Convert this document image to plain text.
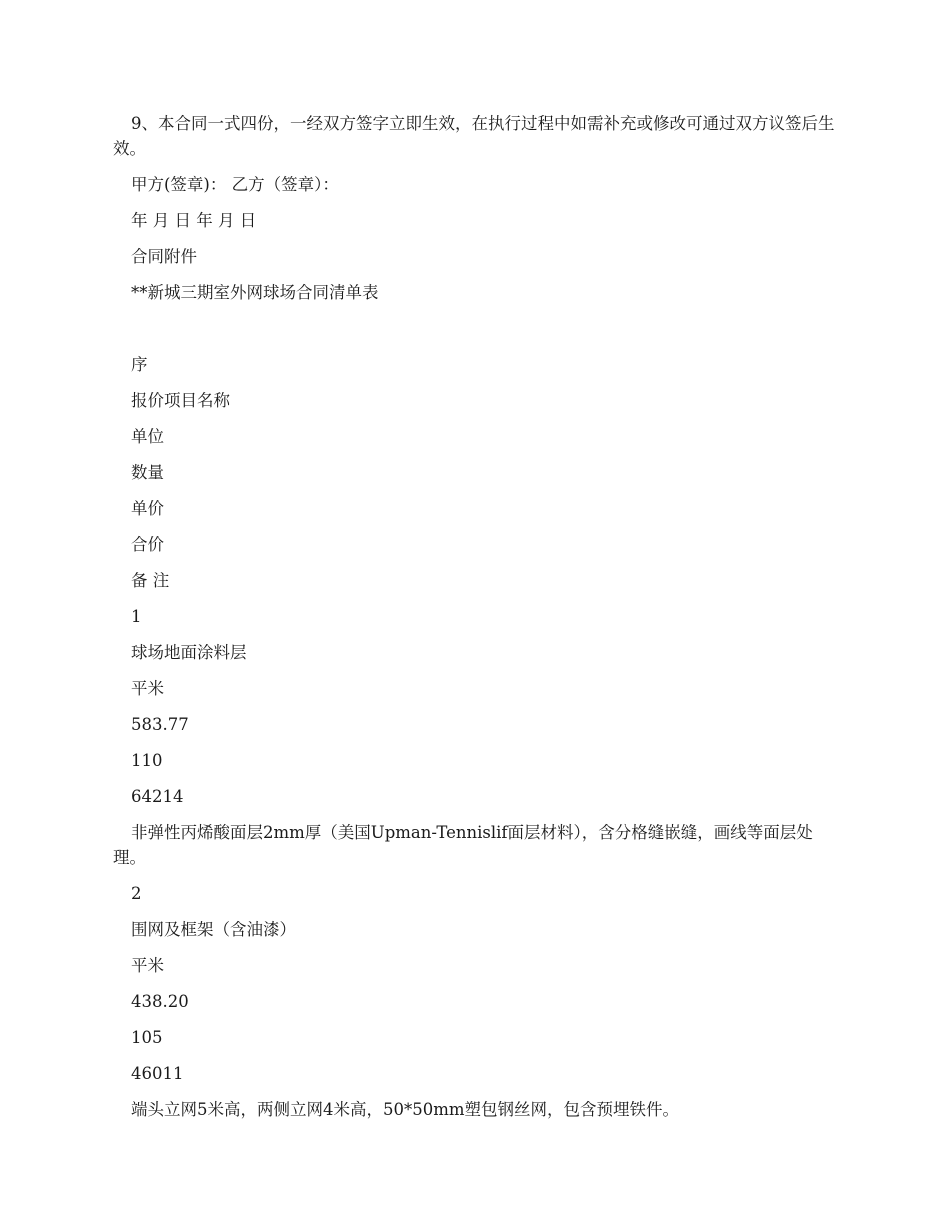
9、本合同一式四份，一经双方签字立即生效，在执行过程中如需补充或修改可通过双方议签后生效。

甲方(签章)： 乙方（签章）：

年 月 日 年 月 日

合同附件

**新城三期室外网球场合同清单表

序

报价项目名称

单位

数量

单价

合价

备 注

1

球场地面涂料层

平米

583.77

110

64214

非弹性丙烯酸面层2mm厚（美国Upman-Tennislif面层材料），含分格缝嵌缝，画线等面层处理。

2

围网及框架（含油漆）

平米

438.20

105

46011

端头立网5米高，两侧立网4米高，50*50mm塑包钢丝网，包含预埋铁件。
